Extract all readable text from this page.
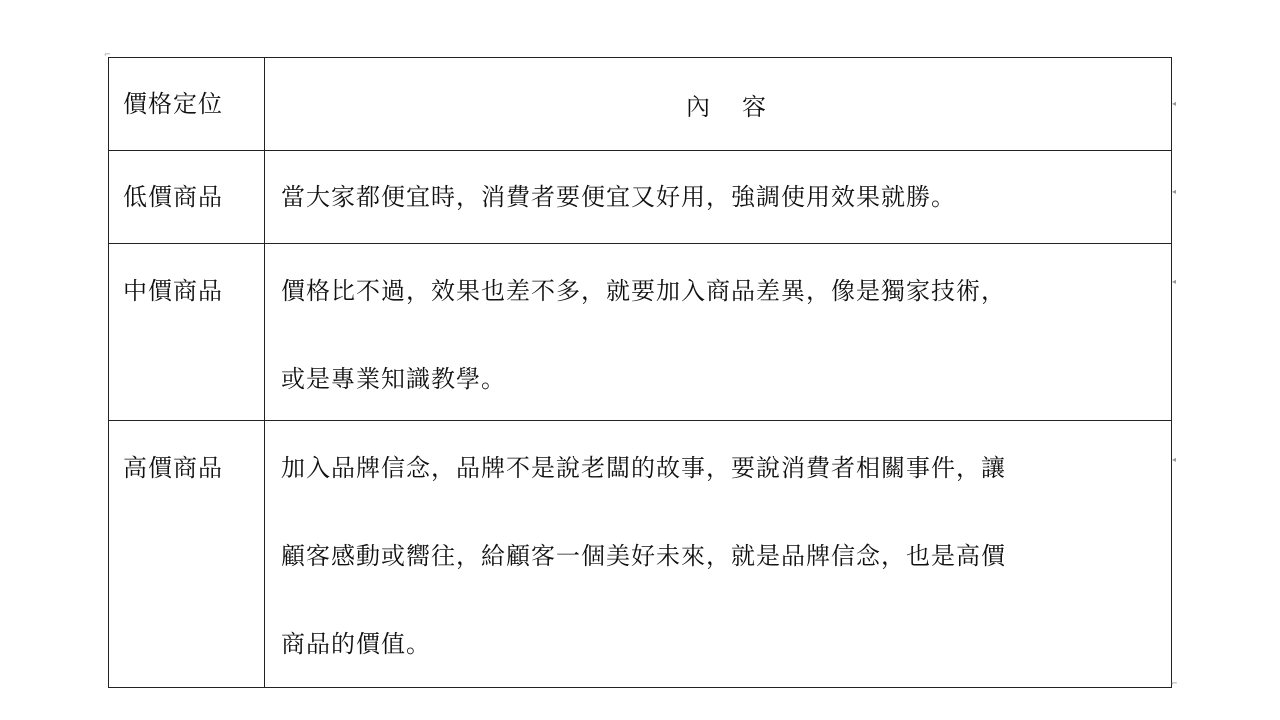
價格定位	內容

低價商品	當大家都便宜時，消費者要便宜又好用，強調使用效果就勝。

中價商品	價格比不過，效果也差不多，就要加入商品差異，像是獨家技術，
或是專業知識教學。

高價商品	加入品牌信念，品牌不是說老闆的故事，要說消費者相關事件，讓
顧客感動或嚮往，給顧客一個美好未來，就是品牌信念，也是高價
商品的價值。
⌐
◂
◂
◂
◂
⌐
